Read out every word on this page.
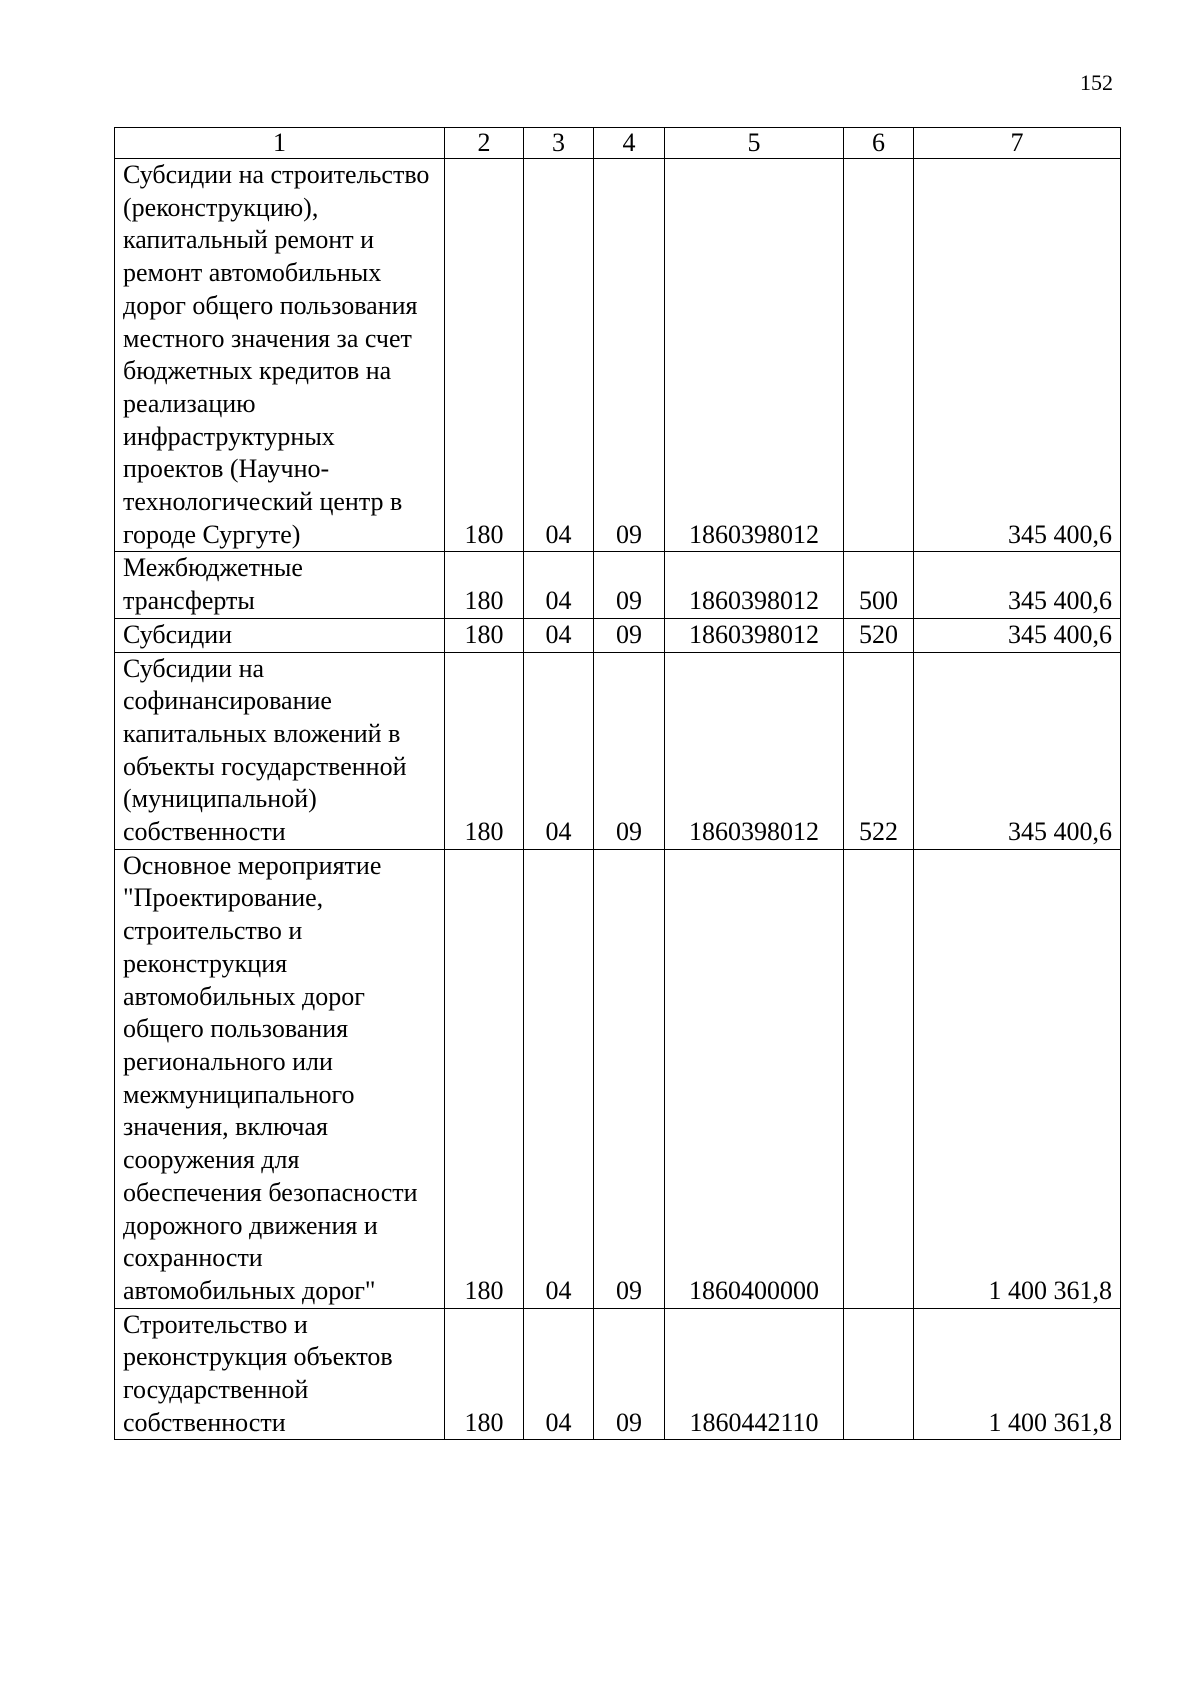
152
1	2	3	4	5	6	7
Субсидии на строительство (реконструкцию), капитальный ремонт и ремонт автомобильных дорог общего пользования местного значения за счет бюджетных кредитов на реализацию инфраструктурных проектов (Научно-технологический центр в городе Сургуте)	180	04	09	1860398012		345 400,6
Межбюджетные трансферты	180	04	09	1860398012	500	345 400,6
Субсидии	180	04	09	1860398012	520	345 400,6
Субсидии на софинансирование капитальных вложений в объекты государственной (муниципальной) собственности	180	04	09	1860398012	522	345 400,6
Основное мероприятие "Проектирование, строительство и реконструкция автомобильных дорог общего пользования регионального или межмуниципального значения, включая сооружения для обеспечения безопасности дорожного движения и сохранности автомобильных дорог"	180	04	09	1860400000		1 400 361,8
Строительство и реконструкция объектов государственной собственности	180	04	09	1860442110		1 400 361,8
